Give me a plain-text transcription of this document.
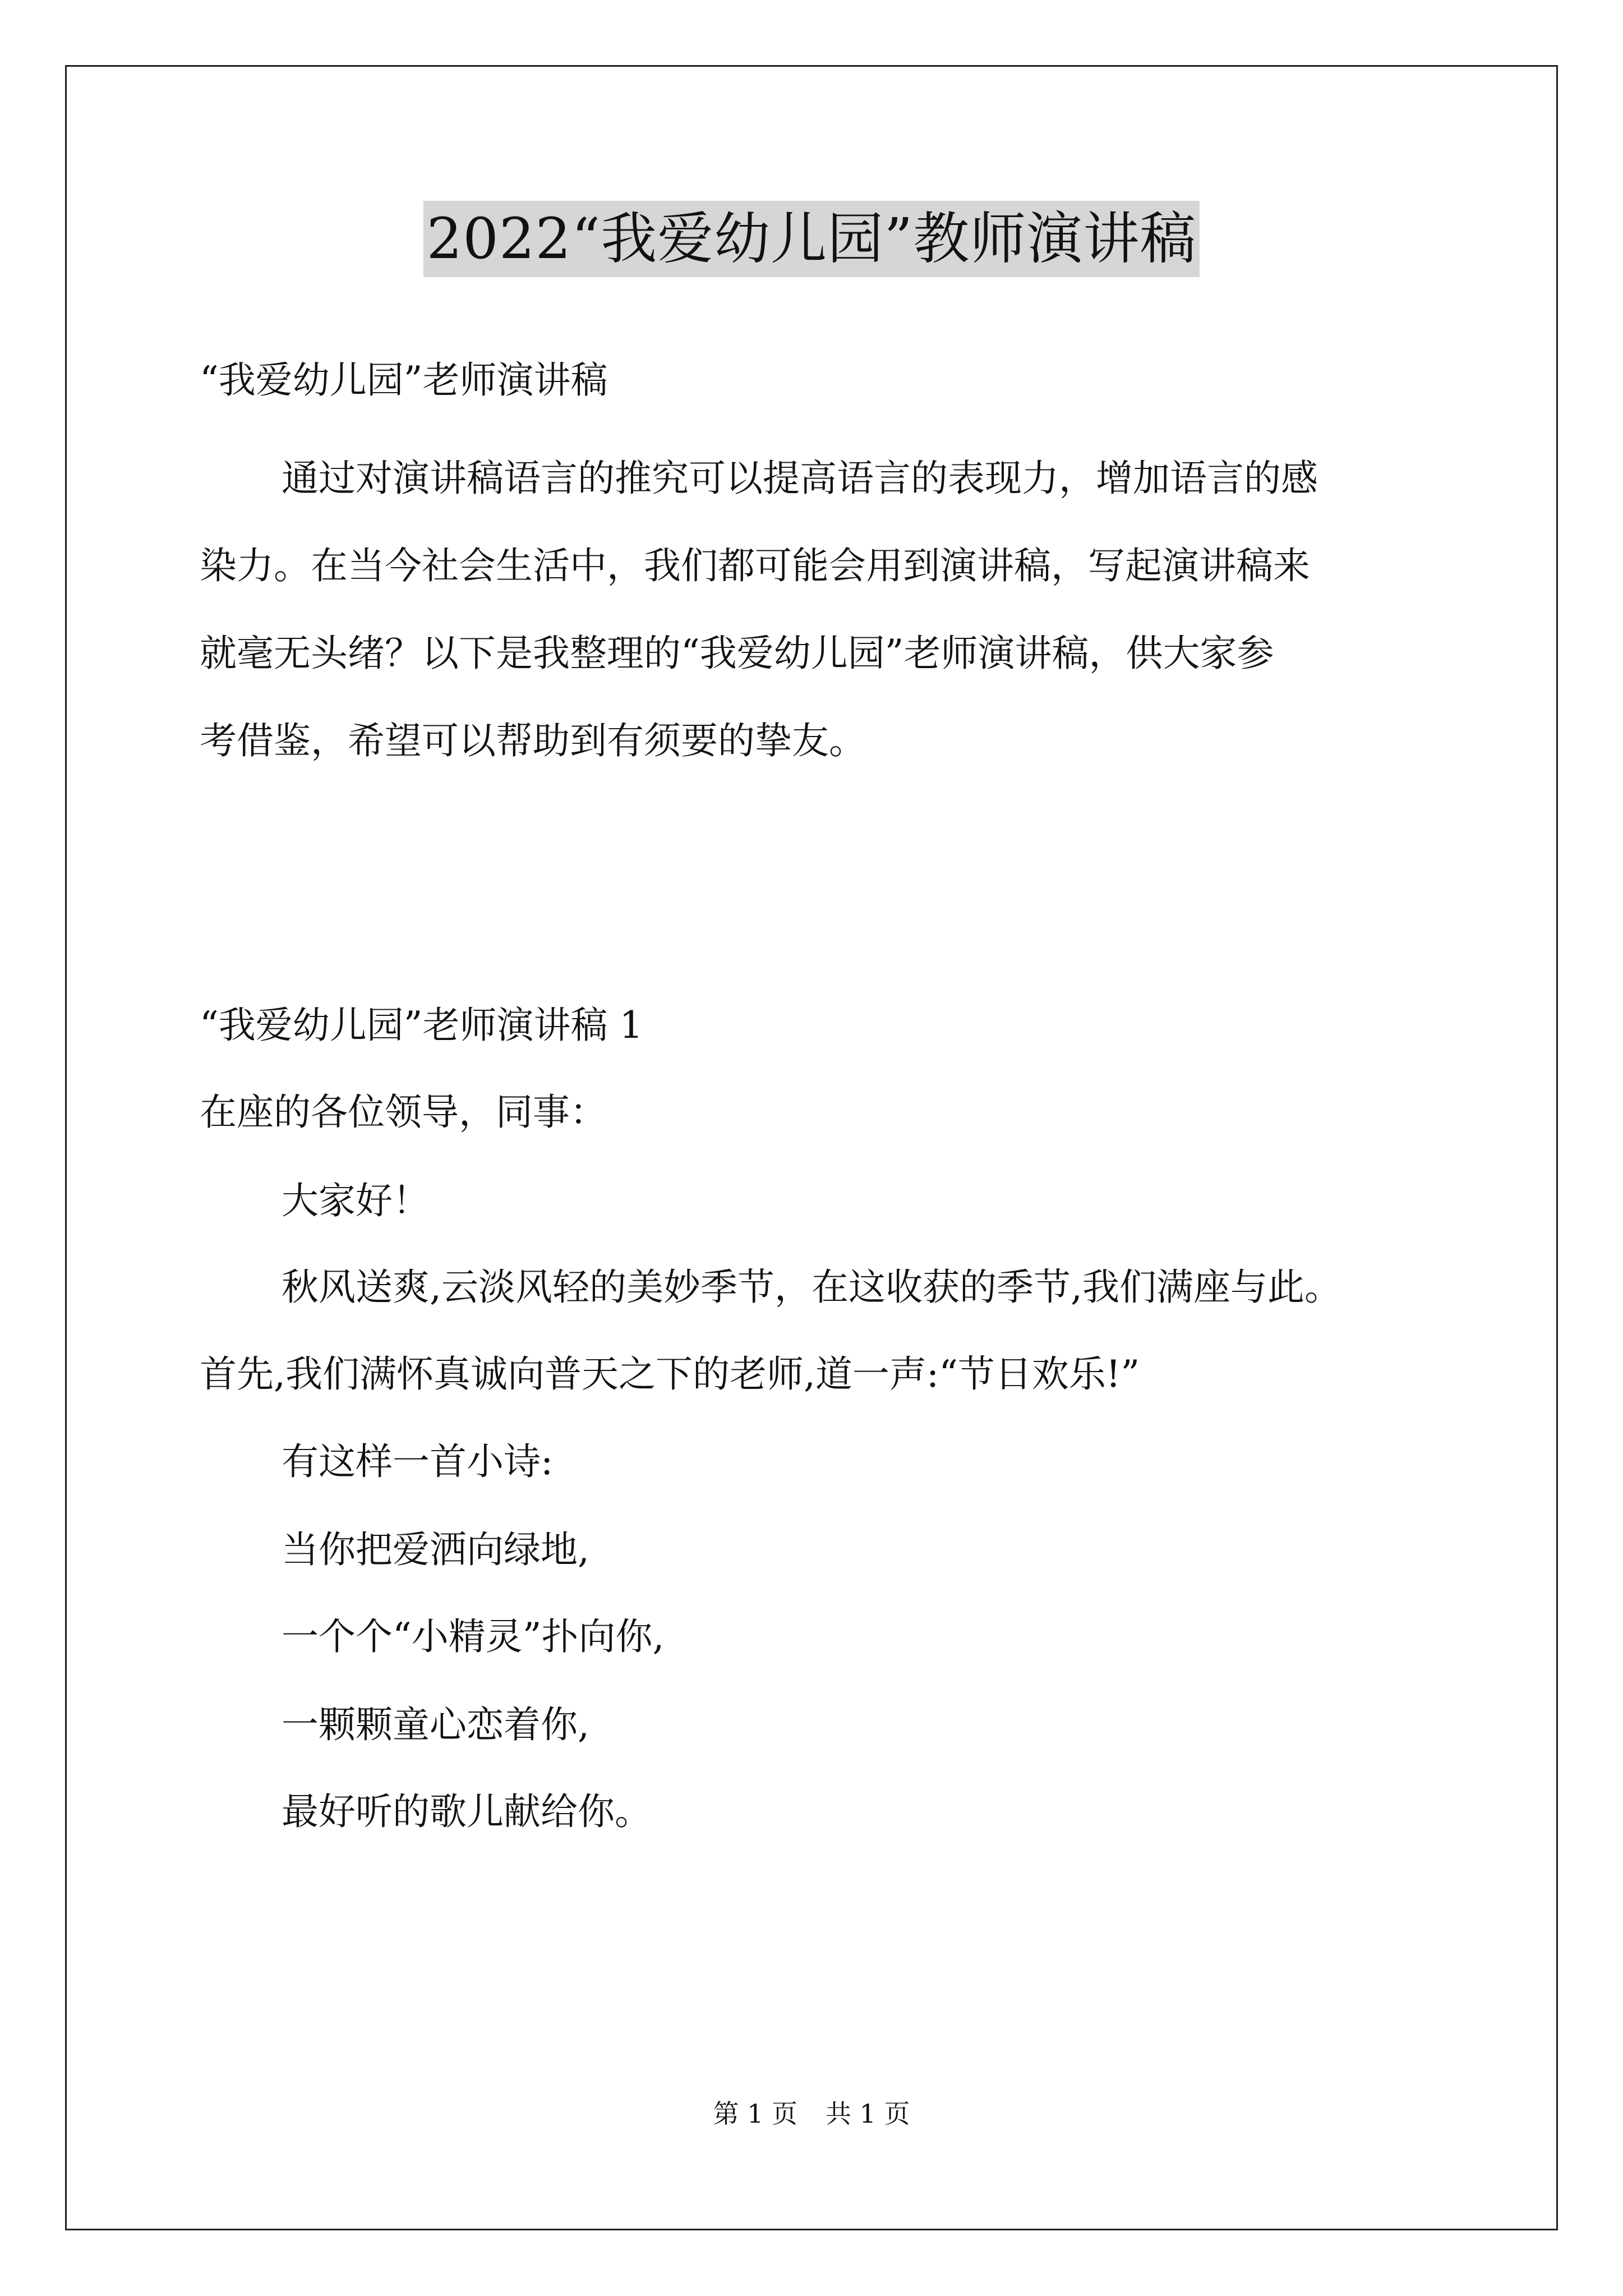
2022“我爱幼儿园”教师演讲稿
“我爱幼儿园”老师演讲稿
通过对演讲稿语言的推究可以提高语言的表现力，增加语言的感
染力。在当今社会生活中，我们都可能会用到演讲稿，写起演讲稿来
就毫无头绪？以下是我整理的“我爱幼儿园”老师演讲稿，供大家参
考借鉴，希望可以帮助到有须要的挚友。
“我爱幼儿园”老师演讲稿 1
在座的各位领导，同事：
大家好！
秋风送爽,云淡风轻的美妙季节，在这收获的季节,我们满座与此。
首先,我们满怀真诚向普天之下的老师,道一声:“节日欢乐!”
有这样一首小诗:
当你把爱洒向绿地,
一个个“小精灵”扑向你,
一颗颗童心恋着你,
最好听的歌儿献给你。
第 1 页 共 1 页
